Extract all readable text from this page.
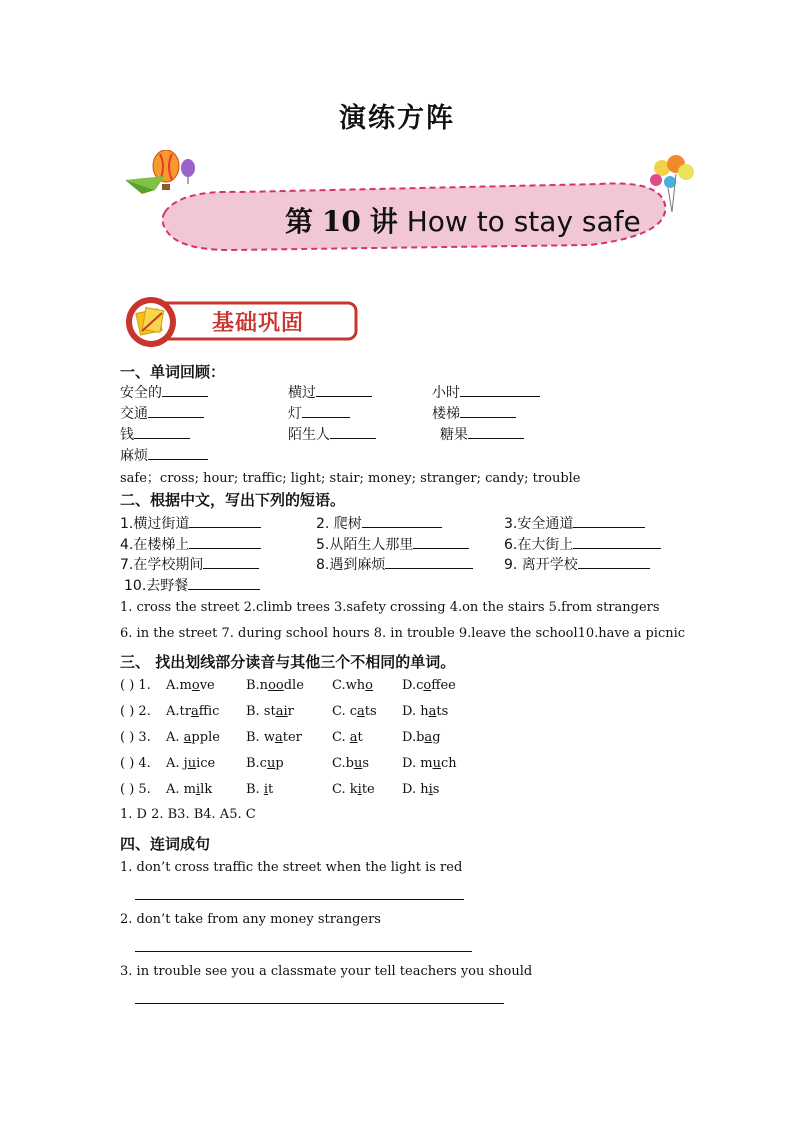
演练方阵
第 10 讲 How to stay safe
基础巩固
一、单词回顾：
安全的	横过	小时
交通	灯	楼梯
钱	陌生人	糖果
麻烦
safe；cross; hour; traffic; light; stair; money; stranger; candy; trouble
二、根据中文，写出下列的短语。
1.横过街道	2. 爬树	3.安全通道
4.在楼梯上	5.从陌生人那里	6.在大街上
7.在学校期间	8.遇到麻烦	9. 离开学校
10.去野餐
1. cross the street 2.climb trees 3.safety crossing 4.on the stairs 5.from strangers
6. in the street 7. during school hours 8. in trouble 9.leave the school10.have a picnic
三、 找出划线部分读音与其他三个不相同的单词。
( ) 1. A.move B.noodle C.who D.coffee
( ) 2. A.traffic B. stair	C. cats D. hats
( ) 3. A. apple B. water C. at	D.bag
( ) 4. A. juice B.cup	C.bus	D. much
( ) 5. A. milk	B. it	C. kite D. his
1. D 2. B3. B4. A5. C
四、连词成句
1. don’t cross traffic the street when the light is red
2. don’t take from any money strangers
3. in trouble see you a classmate your tell teachers you should
